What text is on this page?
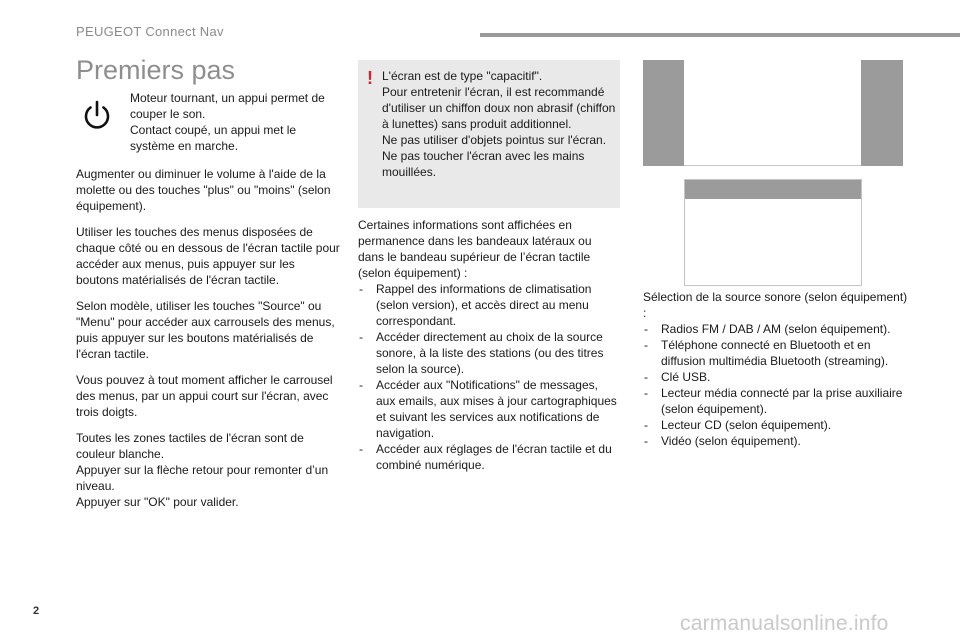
PEUGEOT Connect Nav
Premiers pas
Moteur tournant, un appui permet de couper le son.
Contact coupé, un appui met le système en marche.

Augmenter ou diminuer le volume à l'aide de la molette ou des touches "plus" ou "moins" (selon équipement).

Utiliser les touches des menus disposées de chaque côté ou en dessous de l'écran tactile pour accéder aux menus, puis appuyer sur les boutons matérialisés de l'écran tactile.

Selon modèle, utiliser les touches "Source" ou "Menu" pour accéder aux carrousels des menus, puis appuyer sur les boutons matérialisés de l'écran tactile.

Vous pouvez à tout moment afficher le carrousel des menus, par un appui court sur l'écran, avec trois doigts.

Toutes les zones tactiles de l'écran sont de couleur blanche.
Appuyer sur la flèche retour pour remonter d’un niveau.
Appuyer sur "OK" pour valider.
! L'écran est de type "capacitif".
Pour entretenir l'écran, il est recommandé d'utiliser un chiffon doux non abrasif (chiffon à lunettes) sans produit additionnel.
Ne pas utiliser d'objets pointus sur l'écran.
Ne pas toucher l'écran avec les mains mouillées.

Certaines informations sont affichées en permanence dans les bandeaux latéraux ou dans le bandeau supérieur de l’écran tactile (selon équipement) :

- Rappel des informations de climatisation (selon version), et accès direct au menu correspondant.
- Accéder directement au choix de la source sonore, à la liste des stations (ou des titres selon la source).
- Accéder aux "Notifications" de messages, aux emails, aux mises à jour cartographiques et suivant les services aux notifications de navigation.
- Accéder aux réglages de l'écran tactile et du combiné numérique.

Sélection de la source sonore (selon équipement) :

- Radios FM / DAB / AM (selon équipement).
- Téléphone connecté en Bluetooth et en diffusion multimédia Bluetooth (streaming).
- Clé USB.
- Lecteur média connecté par la prise auxiliaire (selon équipement).
- Lecteur CD (selon équipement).
- Vidéo (selon équipement).
2
carmanualsonline.info
